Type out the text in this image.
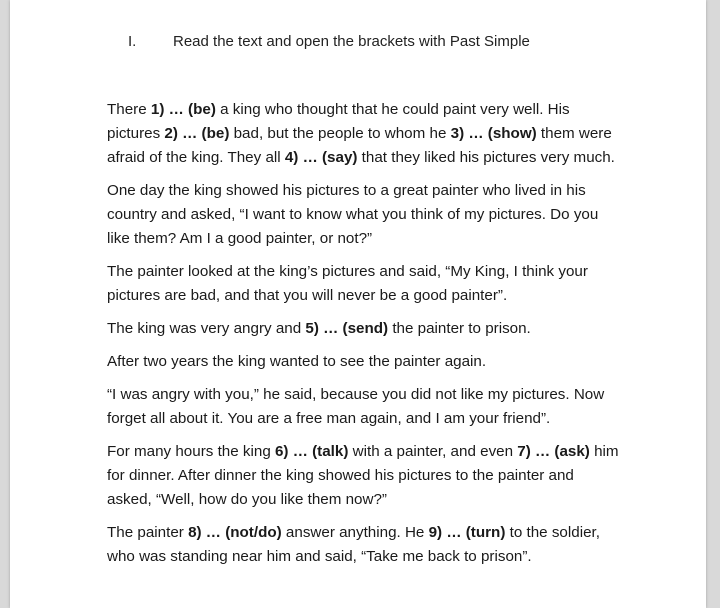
I. Read the text and open the brackets with Past Simple

There 1) … (be) a king who thought that he could paint very well. His
pictures 2) … (be) bad, but the people to whom he 3) … (show) them were
afraid of the king. They all 4) … (say) that they liked his pictures very much.

One day the king showed his pictures to a great painter who lived in his
country and asked, “I want to know what you think of my pictures. Do you
like them? Am I a good painter, or not?”

The painter looked at the king’s pictures and said, “My King, I think your
pictures are bad, and that you will never be a good painter”.

The king was very angry and 5) … (send) the painter to prison.

After two years the king wanted to see the painter again.

“I was angry with you,” he said, because you did not like my pictures. Now
forget all about it. You are a free man again, and I am your friend”.

For many hours the king 6) … (talk) with a painter, and even 7) … (ask) him
for dinner. After dinner the king showed his pictures to the painter and
asked, “Well, how do you like them now?”

The painter 8) … (not/do) answer anything. He 9) … (turn) to the soldier,
who was standing near him and said, “Take me back to prison”.
